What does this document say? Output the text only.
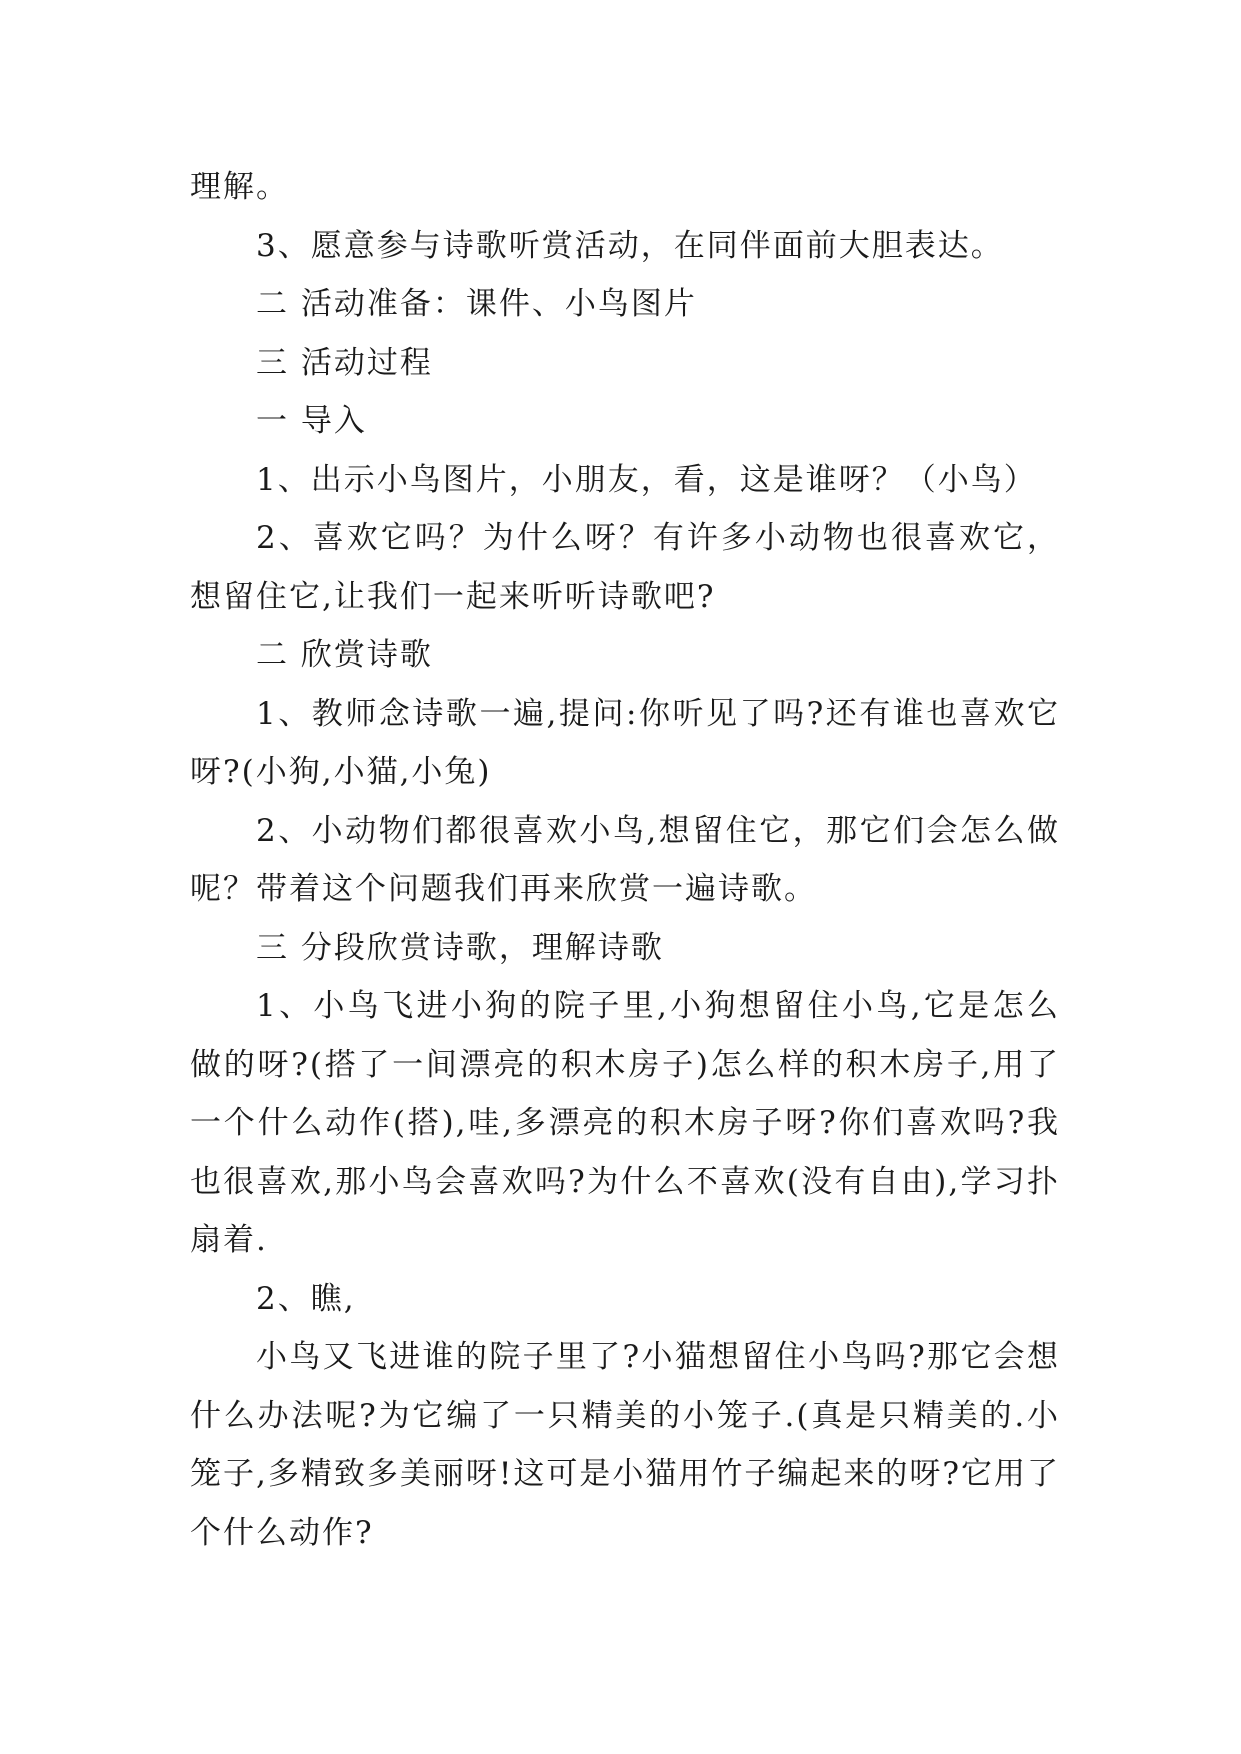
理解。

3、愿意参与诗歌听赏活动，在同伴面前大胆表达。

二 活动准备：课件、小鸟图片

三 活动过程

一 导入

1、出示小鸟图片，小朋友，看，这是谁呀？（小鸟）

2、喜欢它吗？为什么呀？有许多小动物也很喜欢它，想留住它,让我们一起来听听诗歌吧?

二 欣赏诗歌

1、教师念诗歌一遍,提问:你听见了吗?还有谁也喜欢它呀?(小狗,小猫,小兔)

2、小动物们都很喜欢小鸟,想留住它，那它们会怎么做呢？带着这个问题我们再来欣赏一遍诗歌。

三 分段欣赏诗歌，理解诗歌

1、小鸟飞进小狗的院子里,小狗想留住小鸟,它是怎么做的呀?(搭了一间漂亮的积木房子)怎么样的积木房子,用了一个什么动作(搭),哇,多漂亮的积木房子呀?你们喜欢吗?我也很喜欢,那小鸟会喜欢吗?为什么不喜欢(没有自由),学习扑扇着.

2、瞧,

小鸟又飞进谁的院子里了?小猫想留住小鸟吗?那它会想什么办法呢?为它编了一只精美的小笼子.(真是只精美的.小笼子,多精致多美丽呀!这可是小猫用竹子编起来的呀?它用了个什么动作?
